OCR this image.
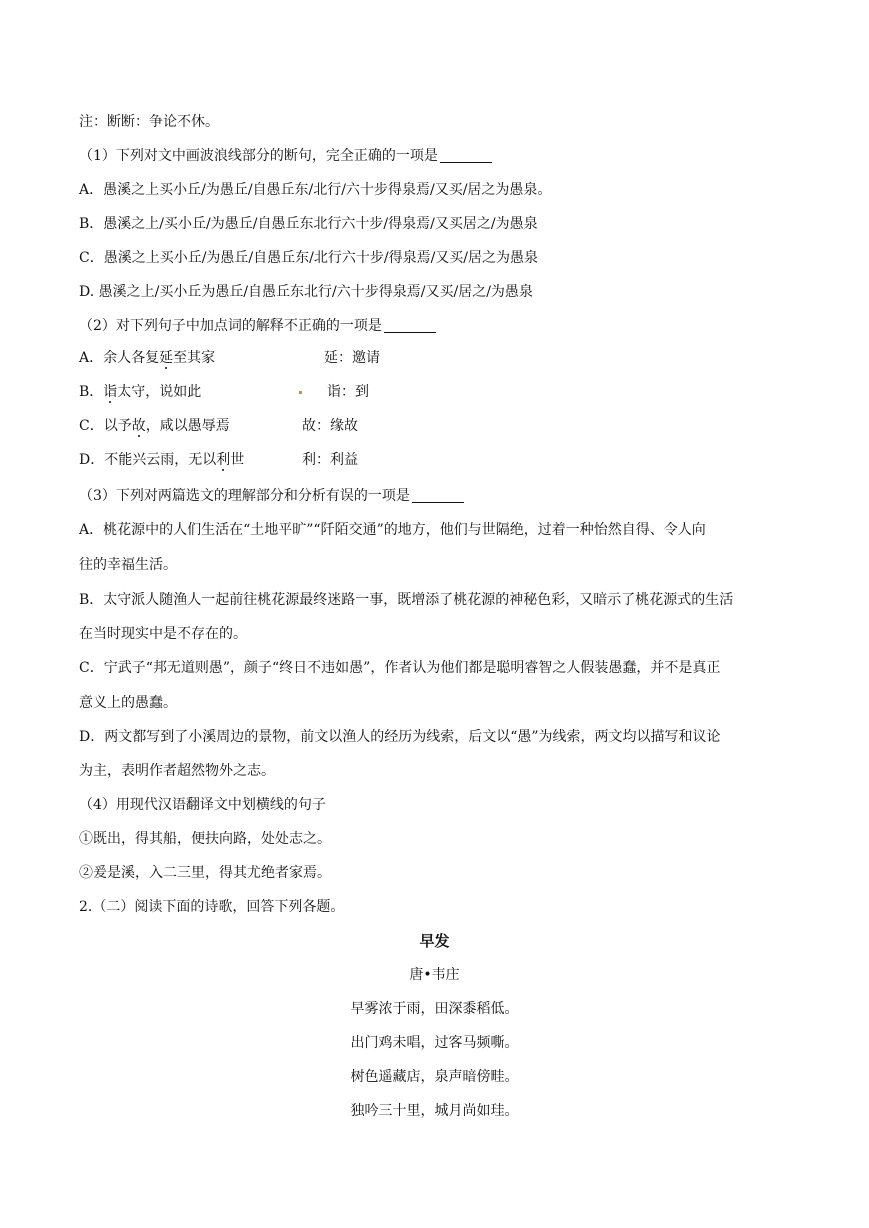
注：断断：争论不休。
（1）下列对文中画波浪线部分的断句，完全正确的一项是
A．愚溪之上买小丘/为愚丘/自愚丘东/北行/六十步得泉焉/又买/居之为愚泉。
B．愚溪之上/买小丘/为愚丘/自愚丘东北行六十步/得泉焉/又买居之/为愚泉
C．愚溪之上买小丘/为愚丘/自愚丘东/北行六十步/得泉焉/又买/居之为愚泉
D. 愚溪之上/买小丘为愚丘/自愚丘东北行/六十步得泉焉/又买/居之/为愚泉
（2）对下列句子中加点词的解释不正确的一项是
A．余人各复延至其家	延：邀请
B．诣太守，说如此	诣：到
C．以予故，咸以愚辱焉	故：缘故
D．不能兴云雨，无以利世	利：利益
（3）下列对两篇选文的理解部分和分析有误的一项是
A．桃花源中的人们生活在“土地平旷”“阡陌交通”的地方，他们与世隔绝，过着一种怡然自得、令人向
往的幸福生活。
B．太守派人随渔人一起前往桃花源最终迷路一事，既增添了桃花源的神秘色彩，又暗示了桃花源式的生活
在当时现实中是不存在的。
C．宁武子“邦无道则愚”，颜子“终日不违如愚”，作者认为他们都是聪明睿智之人假装愚蠢，并不是真正
意义上的愚蠢。
D．两文都写到了小溪周边的景物，前文以渔人的经历为线索，后文以“愚”为线索，两文均以描写和议论
为主，表明作者超然物外之志。
（4）用现代汉语翻译文中划横线的句子
①既出，得其船，便扶向路，处处志之。
②爰是溪，入二三里，得其尤绝者家焉。
2.（二）阅读下面的诗歌，回答下列各题。
早发
唐•韦庄
早雾浓于雨，田深黍稻低。
出门鸡未唱，过客马频嘶。
树色遥藏店，泉声暗傍畦。
独吟三十里，城月尚如珪。
